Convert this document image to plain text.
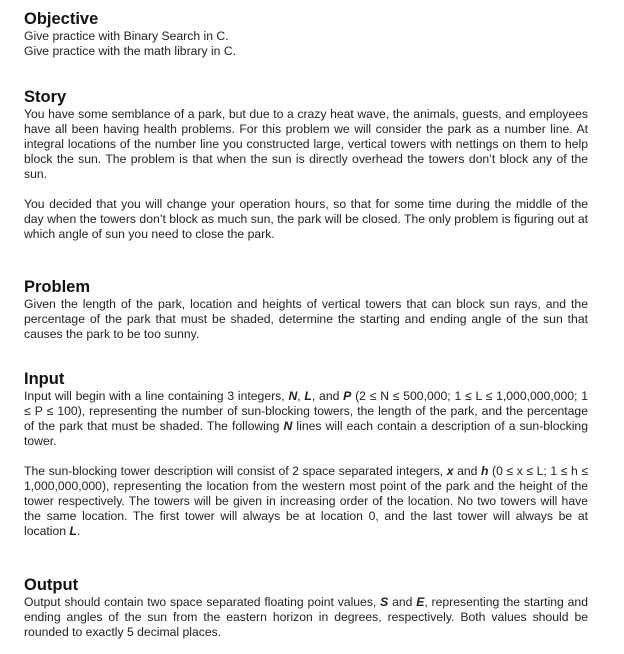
Objective

Give practice with Binary Search in C.

Give practice with the math library in C.

Story

You have some semblance of a park, but due to a crazy heat wave, the animals, guests, and employees have all been having health problems. For this problem we will consider the park as a number line. At integral locations of the number line you constructed large, vertical towers with nettings on them to help block the sun. The problem is that when the sun is directly overhead the towers don’t block any of the sun.

You decided that you will change your operation hours, so that for some time during the middle of the day when the towers don’t block as much sun, the park will be closed. The only problem is figuring out at which angle of sun you need to close the park.

Problem

Given the length of the park, location and heights of vertical towers that can block sun rays, and the percentage of the park that must be shaded, determine the starting and ending angle of the sun that causes the park to be too sunny.

Input

Input will begin with a line containing 3 integers, N, L, and P (2 ≤ N ≤ 500,000; 1 ≤ L ≤ 1,000,000,000; 1 ≤ P ≤ 100), representing the number of sun-blocking towers, the length of the park, and the percentage of the park that must be shaded. The following N lines will each contain a description of a sun-blocking tower.

The sun-blocking tower description will consist of 2 space separated integers, x and h (0 ≤ x ≤ L; 1 ≤ h ≤ 1,000,000,000), representing the location from the western most point of the park and the height of the tower respectively. The towers will be given in increasing order of the location. No two towers will have the same location. The first tower will always be at location 0, and the last tower will always be at location L.

Output

Output should contain two space separated floating point values, S and E, representing the starting and ending angles of the sun from the eastern horizon in degrees, respectively. Both values should be rounded to exactly 5 decimal places.
